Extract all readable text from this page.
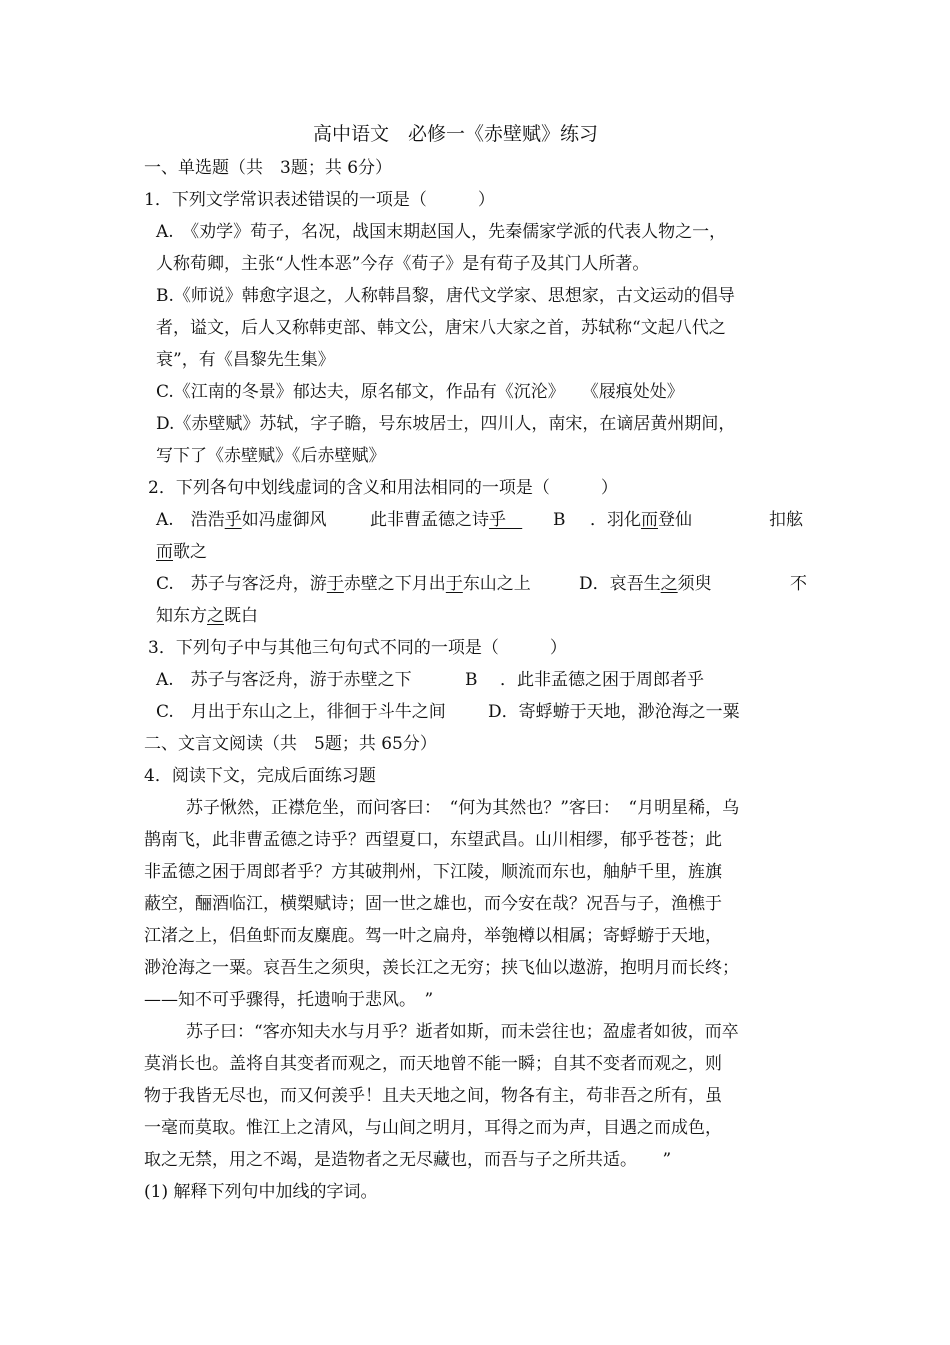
高中语文　必修一《赤壁赋》练习
一、单选题（共　3题；共 6分）
1．下列文学常识表述错误的一项是（　　　）
A.　《劝学》荀子，名况，战国末期赵国人，先秦儒家学派的代表人物之一，
人称荀卿，主张“人性本恶”今存《荀子》是有荀子及其门人所著。
B.《师说》韩愈字退之，人称韩昌黎，唐代文学家、思想家，古文运动的倡导
者，谥文，后人又称韩吏部、韩文公，唐宋八大家之首，苏轼称“文起八代之
衰”，有《昌黎先生集》
C.《江南的冬景》郁达夫，原名郁文，作品有《沉沦》　　《屐痕处处》
D.《赤壁赋》苏轼，字子瞻，号东坡居士，四川人，南宋，在谪居黄州期间，
写下了《赤壁赋》《后赤壁赋》
2．下列各句中划线虚词的含义和用法相同的一项是（　　　）
A.　浩浩乎如冯虚御风	此非曹孟德之诗乎	B ．羽化而登仙	扣舷
而歌之
C.　苏子与客泛舟，游于赤壁之下月出于东山之上	D．哀吾生之须臾	不
知东方之既白
3．下列句子中与其他三句句式不同的一项是（　　　）
A.　苏子与客泛舟，游于赤壁之下	B ．此非孟德之困于周郎者乎
C.　月出于东山之上，徘徊于斗牛之间 D．寄蜉蝣于天地，渺沧海之一粟
二、文言文阅读（共　5题；共 65分）
4．阅读下文，完成后面练习题
苏子愀然，正襟危坐，而问客曰：　“何为其然也？”客曰：　“月明星稀，乌
鹊南飞，此非曹孟德之诗乎？西望夏口，东望武昌。山川相缪，郁乎苍苍；此
非孟德之困于周郎者乎？方其破荆州，下江陵，顺流而东也，舳舻千里，旌旗
蔽空，酾酒临江，横槊赋诗；固一世之雄也，而今安在哉？况吾与子，渔樵于
江渚之上，侣鱼虾而友麋鹿。驾一叶之扁舟，举匏樽以相属；寄蜉蝣于天地，
渺沧海之一粟。哀吾生之须臾，羡长江之无穷；挟飞仙以遨游，抱明月而长终；
——知不可乎骤得，托遗响于悲风。　”
苏子曰：“客亦知夫水与月乎？逝者如斯，而未尝往也；盈虚者如彼，而卒
莫消长也。盖将自其变者而观之，而天地曾不能一瞬；自其不变者而观之，则
物于我皆无尽也，而又何羡乎！且夫天地之间，物各有主，苟非吾之所有，虽
一毫而莫取。惟江上之清风，与山间之明月，耳得之而为声，目遇之而成色，
取之无禁，用之不竭，是造物者之无尽藏也，而吾与子之所共适。　　”
(1) 解释下列句中加线的字词。
